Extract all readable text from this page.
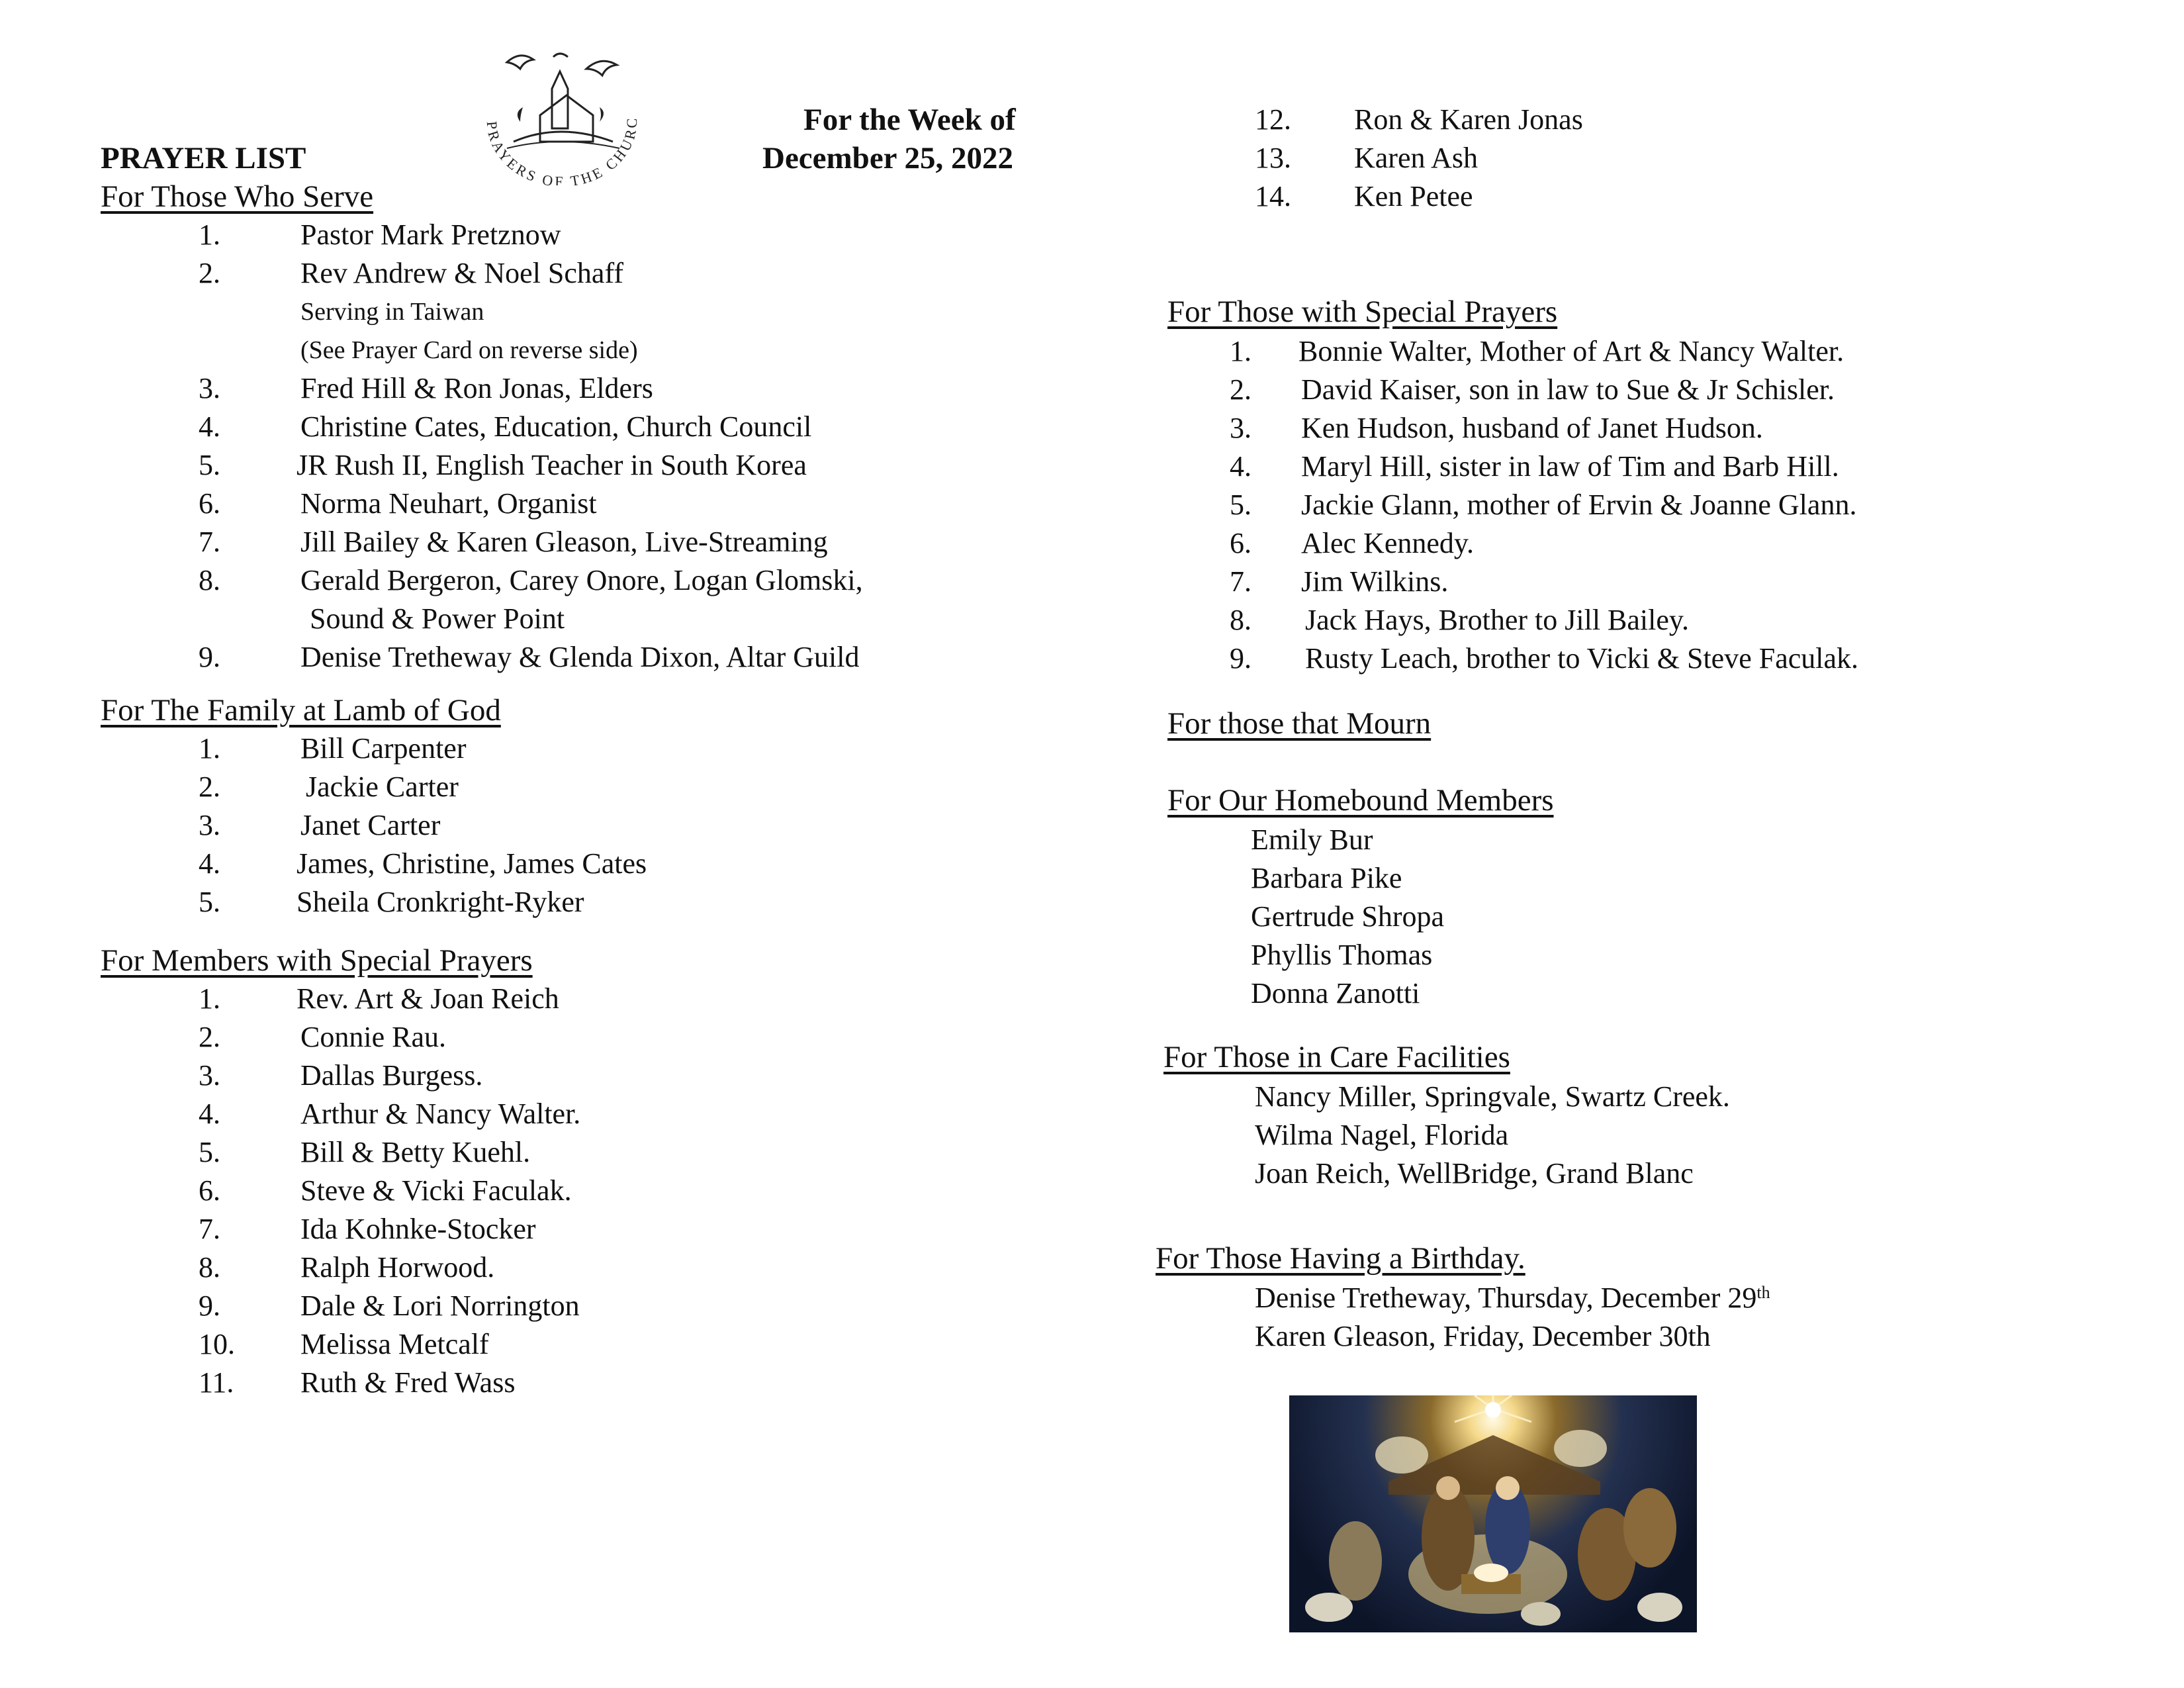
PRAYERS OF THE CHURC
PRAYER LIST
For the Week of
December 25, 2022
For Those Who Serve
1.	Pastor Mark Pretznow
2.	Rev Andrew & Noel Schaff
Serving in Taiwan
(See Prayer Card on reverse side)
3.	Fred Hill & Ron Jonas, Elders
4.	Christine Cates, Education, Church Council
5.	JR Rush II, English Teacher in South Korea
6.	Norma Neuhart, Organist
7.	Jill Bailey & Karen Gleason, Live-Streaming
8.	Gerald Bergeron, Carey Onore, Logan Glomski,
Sound & Power Point
9.	Denise Tretheway & Glenda Dixon, Altar Guild
For The Family at Lamb of God
1.	Bill Carpenter
2.	Jackie Carter
3.	Janet Carter
4.	James, Christine, James Cates
5.	Sheila Cronkright-Ryker
For Members with Special Prayers
1.	Rev. Art & Joan Reich
2.	Connie Rau.
3.	Dallas Burgess.
4.	Arthur & Nancy Walter.
5.	Bill & Betty Kuehl.
6.	Steve & Vicki Faculak.
7.	Ida Kohnke-Stocker
8.	Ralph Horwood.
9.	Dale & Lori Norrington
10. Melissa Metcalf
11. Ruth & Fred Wass
12. Ron & Karen Jonas
13. Karen Ash
14. Ken Petee
For Those with Special Prayers
1. Bonnie Walter, Mother of Art & Nancy Walter.
2. David Kaiser, son in law to Sue & Jr Schisler.
3. Ken Hudson, husband of Janet Hudson.
4. Maryl Hill, sister in law of Tim and Barb Hill.
5. Jackie Glann, mother of Ervin & Joanne Glann.
6. Alec Kennedy.
7. Jim Wilkins.
8. Jack Hays, Brother to Jill Bailey.
9. Rusty Leach, brother to Vicki & Steve Faculak.
For those that Mourn
For Our Homebound Members
Emily Bur
Barbara Pike
Gertrude Shropa
Phyllis Thomas
Donna Zanotti
For Those in Care Facilities
Nancy Miller, Springvale, Swartz Creek.
Wilma Nagel, Florida
Joan Reich, WellBridge, Grand Blanc
For Those Having a Birthday.
Denise Tretheway, Thursday, December 29th
Karen Gleason, Friday, December 30th
